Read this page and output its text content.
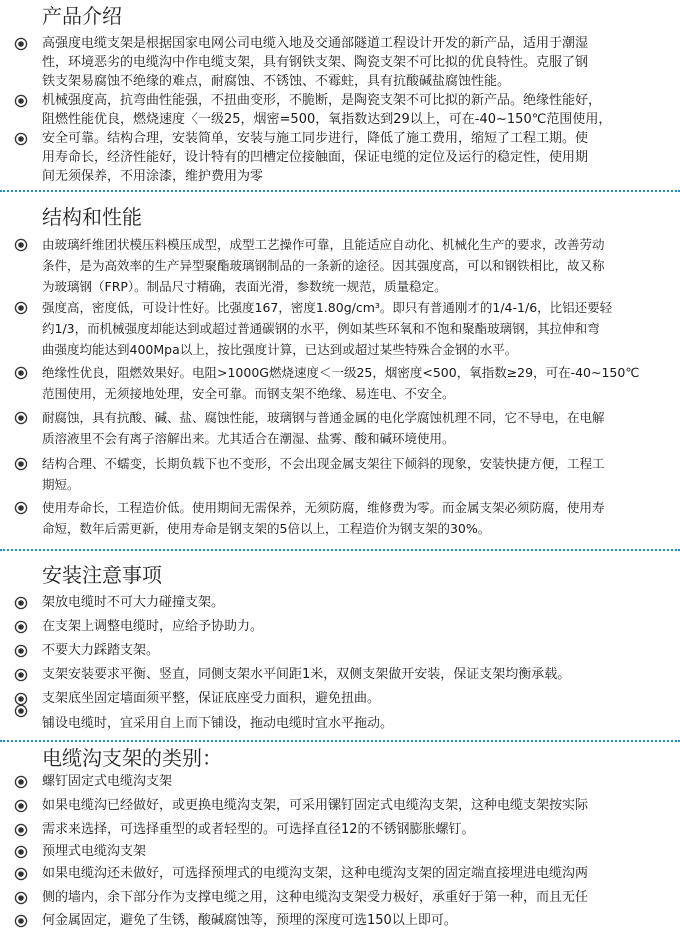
产品介绍
高强度电缆支架是根据国家电网公司电缆入地及交通部隧道工程设计开发的新产品，适用于潮湿
性，环境恶劣的电缆沟中作电缆支架，具有钢铁支架、陶瓷支架不可比拟的优良特性。克服了钢
铁支架易腐蚀不绝缘的难点，耐腐蚀、不锈蚀、不霉蛀，具有抗酸碱盐腐蚀性能。
机械强度高，抗弯曲性能强，不扭曲变形，不脆断，是陶瓷支架不可比拟的新产品。绝缘性能好，
阻燃性能优良，燃烧速度〈一级25，烟密=500，氧指数达到29以上，可在-40~150℃范围使用，
安全可靠。结构合理，安装简单，安装与施工同步进行，降低了施工费用，缩短了工程工期。使
用寿命长，经济性能好，设计特有的凹槽定位接触面，保证电缆的定位及运行的稳定性，使用期
间无须保养，不用涂漆，维护费用为零
结构和性能
由玻璃纤维团状模压料模压成型，成型工艺操作可靠，且能适应自动化、机械化生产的要求，改善劳动
条件，是为高效率的生产异型聚酯玻璃钢制品的一条新的途径。因其强度高，可以和钢铁相比，故又称
为玻璃钢（FRP）。制品尺寸精确，表面光滑，参数统一规范，质量稳定。
强度高，密度低，可设计性好。比强度167，密度1.80g/cm³。即只有普通刚才的1/4-1/6，比铝还要轻
约1/3，而机械强度却能达到或超过普通碳钢的水平，例如某些环氧和不饱和聚酯玻璃钢，其拉伸和弯
曲强度均能达到400Mpa以上，按比强度计算，已达到或超过某些特殊合金钢的水平。
绝缘性优良，阻燃效果好。电阻>1000G燃烧速度＜一级25，烟密度<500，氧指数≥29，可在-40~150℃
范围使用，无须接地处理，安全可靠。而钢支架不绝缘、易连电、不安全。
耐腐蚀，具有抗酸、碱、盐、腐蚀性能，玻璃钢与普通金属的电化学腐蚀机理不同，它不导电，在电解
质溶液里不会有离子溶解出来。尤其适合在潮湿、盐雾、酸和碱环境使用。
结构合理、不蠕变，长期负载下也不变形，不会出现金属支架往下倾斜的现象，安装快捷方便，工程工
期短。
使用寿命长，工程造价低。使用期间无需保养，无须防腐，维修费为零。而金属支架必须防腐，使用寿
命短，数年后需更新，使用寿命是钢支架的5倍以上，工程造价为钢支架的30%。
安装注意事项
架放电缆时不可大力碰撞支架。
在支架上调整电缆时，应给予协助力。
不要大力踩踏支架。
支架安装要求平衡、竖直，同侧支架水平间距1米，双侧支架做开安装，保证支架均衡承载。
支架底坐固定墙面须平整，保证底座受力面积，避免扭曲。
铺设电缆时，宜采用自上而下铺设，拖动电缆时宜水平拖动。
电缆沟支架的类别：
螺钉固定式电缆沟支架
如果电缆沟已经做好，或更换电缆沟支架，可采用镙钉固定式电缆沟支架，这种电缆支架按实际
需求来选择，可选择重型的或者轻型的。可选择直径12的不锈钢膨胀螺钉。
预埋式电缆沟支架
如果电缆沟还未做好，可选择预埋式的电缆沟支架，这种电缆沟支架的固定端直接埋进电缆沟两
侧的墙内，余下部分作为支撑电缆之用，这种电缆沟支架受力极好，承重好于第一种，而且无任
何金属固定，避免了生锈，酸碱腐蚀等，预埋的深度可选150以上即可。
